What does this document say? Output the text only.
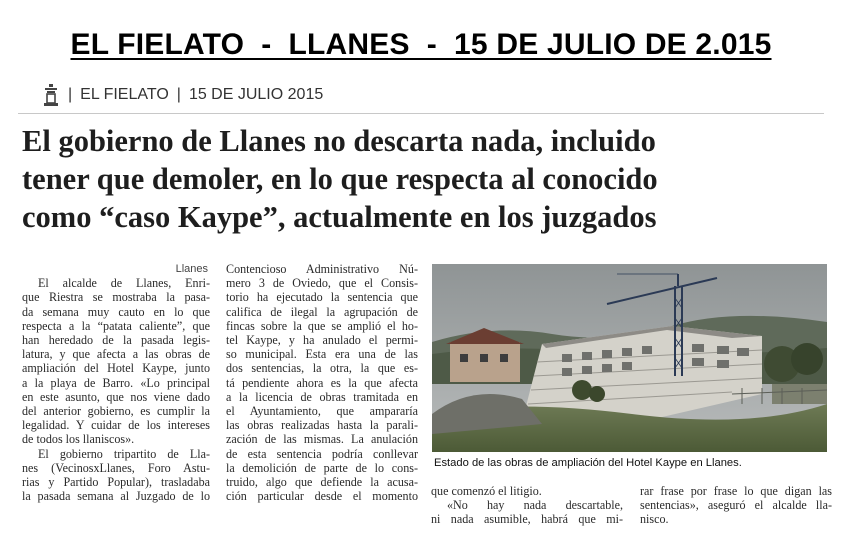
EL FIELATO  -  LLANES  -  15 DE JULIO DE 2.015
| EL FIELATO | 15 DE JULIO 2015
El gobierno de Llanes no descarta nada, incluido
tener que demoler, en lo que respecta al conocido
como “caso Kaype”, actualmente en los juzgados
Llanes
El alcalde de Llanes, Enri-
que Riestra se mostraba la pasa-
da semana muy cauto en lo que
respecta a la “patata caliente”, que
han heredado de la pasada legis-
latura, y que afecta a las obras de
ampliación del Hotel Kaype, junto
a la playa de Barro. «Lo principal
en este asunto, que nos viene dado
del anterior gobierno, es cumplir la
legalidad. Y cuidar de los intereses
de todos los llaniscos».
El gobierno tripartito de Lla-
nes (VecinosxLlanes, Foro Astu-
rias y Partido Popular), trasladaba
la pasada semana al Juzgado de lo
Contencioso Administrativo Nú-
mero 3 de Oviedo, que el Consis-
torio ha ejecutado la sentencia que
califica de ilegal la agrupación de
fincas sobre la que se amplió el ho-
tel Kaype, y ha anulado el permi-
so municipal. Esta era una de las
dos sentencias, la otra, la que es-
tá pendiente ahora es la que afecta
a la licencia de obras tramitada en
el Ayuntamiento, que ampararía
las obras realizadas hasta la parali-
zación de las mismas. La anulación
de esta sentencia podría conllevar
la demolición de parte de lo cons-
truido, algo que defiende la acusa-
ción particular desde el momento
Estado de las obras de ampliación del Hotel Kaype en Llanes.
que comenzó el litigio.
«No hay nada descartable,
ni nada asumible, habrá que mi-
rar frase por frase lo que digan las
sentencias», aseguró el alcalde lla-
nisco.
